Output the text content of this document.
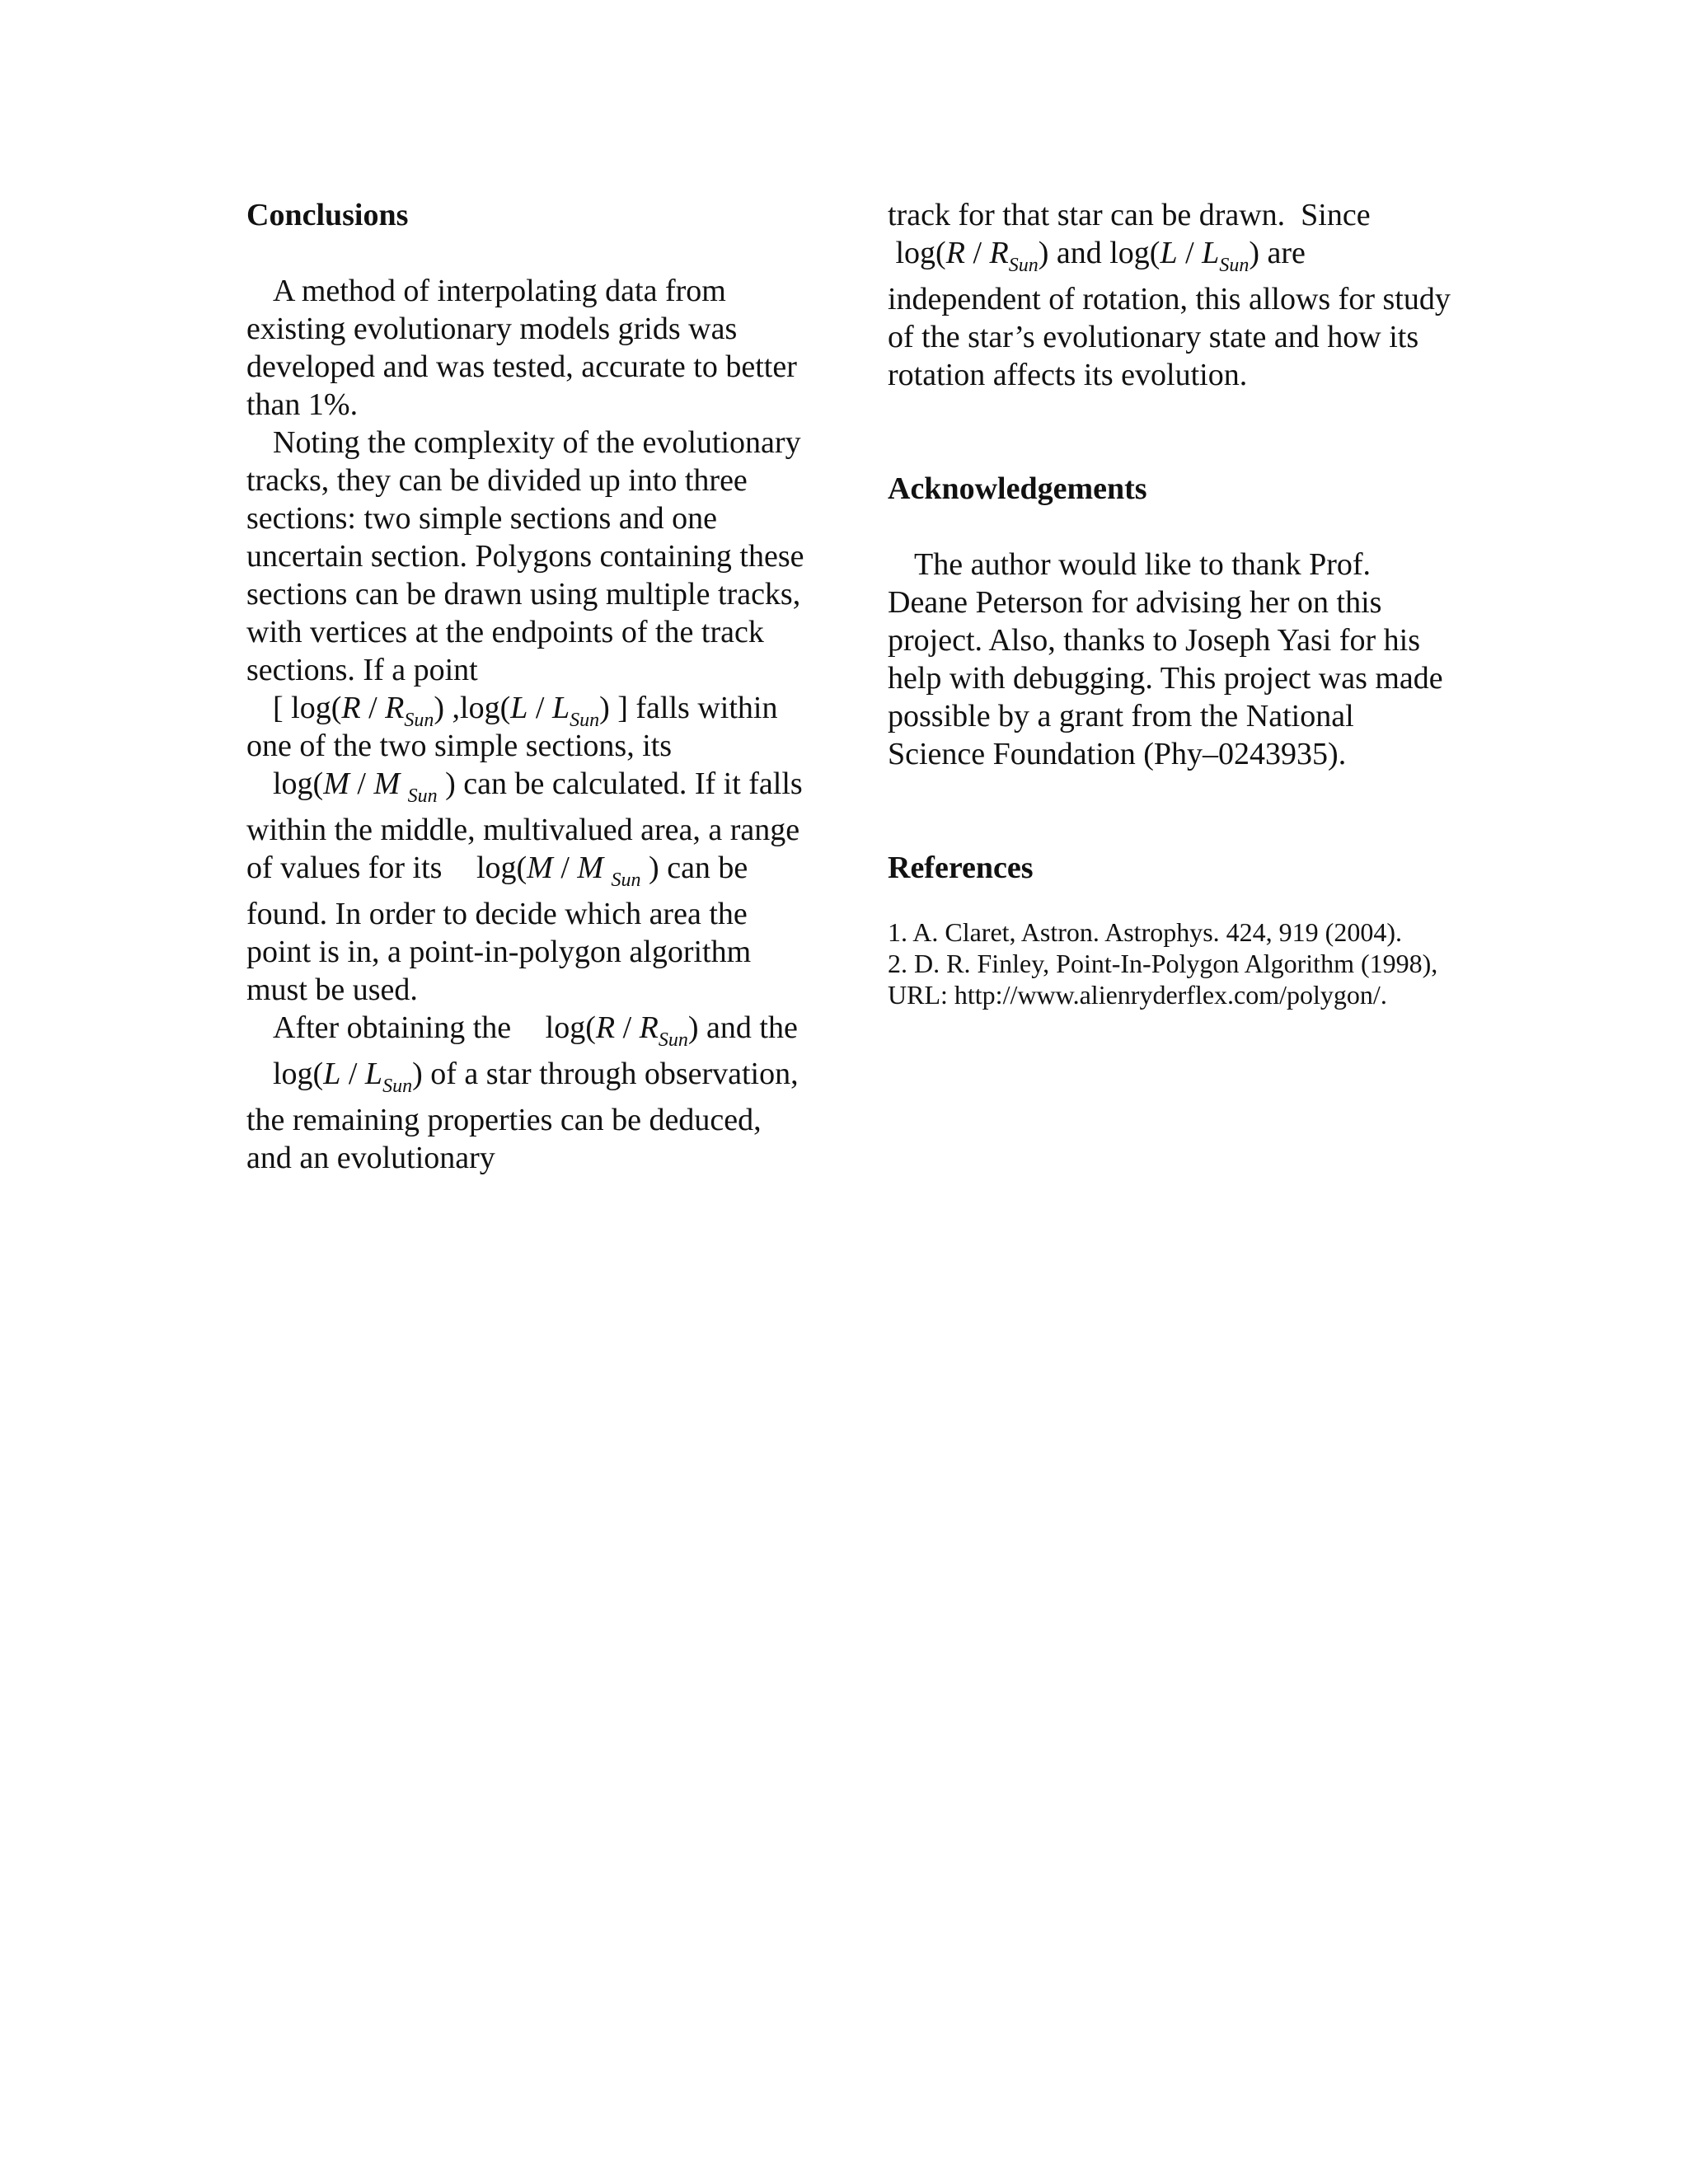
Conclusions

A method of interpolating data from existing evolutionary models grids was developed and was tested, accurate to better than 1%.

Noting the complexity of the evolutionary tracks, they can be divided up into three sections: two simple sections and one uncertain section. Polygons containing these sections can be drawn using multiple tracks, with vertices at the endpoints of the track sections. If a point [ $\log(R / R_{Sun})$ $,\log(L / L_{Sun})$ ] falls within one of the two simple sections, its log(M / M $_{Sun}$ ) can be calculated. If it falls within the middle, multivalued area, a range of values for its log(M / M $_{Sun}$ ) can be found. In order to decide which area the point is in, a point-in-polygon algorithm must be used.

After obtaining the $\log(R / R_{Sun})$ and the $\log(L / L_{Sun})$ of a star through observation, the remaining properties can be deduced, and an evolutionary

track for that star can be drawn.  Since
$\log(R / R_{Sun})$ and $\log(L / L_{Sun})$ are independent of rotation, this allows for study of the star’s evolutionary state and how its rotation affects its evolution.

Acknowledgements

The author would like to thank Prof. Deane Peterson for advising her on this project. Also, thanks to Joseph Yasi for his help with debugging. This project was made possible by a grant from the National Science Foundation (Phy–0243935).

References
1. A. Claret, Astron. Astrophys. 424, 919 (2004).
2. D. R. Finley, Point-In-Polygon Algorithm (1998), URL: http://www.alienryderflex.com/polygon/.
